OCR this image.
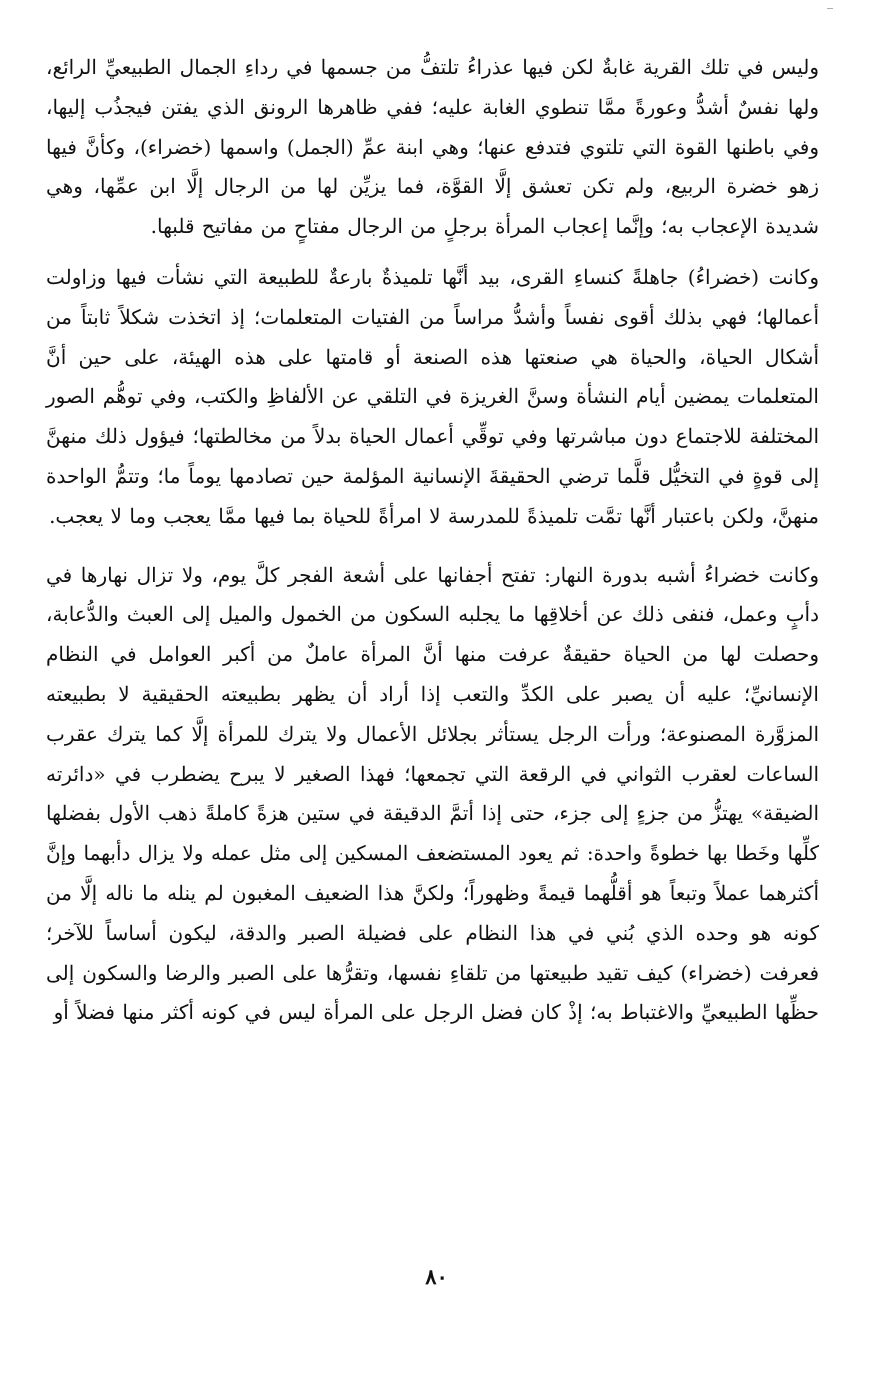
وليس في تلك القرية غابةٌ لكن فيها عذراءُ تلتفُّ من جسمها في رداءِ الجمال الطبيعيِّ الرائع، ولها نفسٌ أشدُّ وعورةً ممَّا تنطوي الغابة عليه؛ ففي ظاهرها الرونق الذي يفتن فيجذُب إليها، وفي باطنها القوة التي تلتوي فتدفع عنها؛ وهي ابنة عمِّ (الجمل) واسمها (خضراء)، وكأنَّ فيها زهو خضرة الربيع، ولم تكن تعشق إلَّا القوَّة، فما يزيِّن لها من الرجال إلَّا ابن عمِّها، وهي شديدة الإعجاب به؛ وإنَّما إعجاب المرأة برجلٍ من الرجال مفتاحٍ من مفاتيح قلبها.

وكانت (خضراءُ) جاهلةً كنساءِ القرى، بيد أنَّها تلميذةٌ بارعةٌ للطبيعة التي نشأت فيها وزاولت أعمالها؛ فهي بذلك أقوى نفساً وأشدُّ مراساً من الفتيات المتعلمات؛ إذ اتخذت شكلاً ثابتاً من أشكال الحياة، والحياة هي صنعتها هذه الصنعة أو قامتها على هذه الهيئة، على حين أنَّ المتعلمات يمضين أيام النشأة وسنَّ الغريزة في التلقي عن الألفاظِ والكتب، وفي توهُّم الصور المختلفة للاجتماع دون مباشرتها وفي توقِّي أعمال الحياة بدلاً من مخالطتها؛ فيؤول ذلك منهنَّ إلى قوةٍ في التخيُّل قلَّما ترضي الحقيقةَ الإنسانية المؤلمة حين تصادمها يوماً ما؛ وتتمُّ الواحدة منهنَّ، ولكن باعتبار أنَّها تمَّت تلميذةً للمدرسة لا امرأةً للحياة بما فيها ممَّا يعجب وما لا يعجب.

وكانت خضراءُ أشبه بدورة النهار: تفتح أجفانها على أشعة الفجر كلَّ يوم، ولا تزال نهارها في دأبٍ وعمل، فنفى ذلك عن أخلاقِها ما يجلبه السكون من الخمول والميل إلى العبث والدُّعابة، وحصلت لها من الحياة حقيقةٌ عرفت منها أنَّ المرأة عاملٌ من أكبر العوامل في النظام الإنسانيِّ؛ عليه أن يصبر على الكدِّ والتعب إذا أراد أن يظهر بطبيعته الحقيقية لا بطبيعته المزوَّرة المصنوعة؛ ورأت الرجل يستأثر بجلائل الأعمال ولا يترك للمرأة إلَّا كما يترك عقرب الساعات لعقرب الثواني في الرقعة التي تجمعها؛ فهذا الصغير لا يبرح يضطرب في «دائرته الضيقة» يهتزُّ من جزءٍ إلى جزء، حتى إذا أتمَّ الدقيقة في ستين هزةً كاملةً ذهب الأول بفضلها كلِّها وخَطا بها خطوةً واحدة: ثم يعود المستضعف المسكين إلى مثل عمله ولا يزال دأبهما وإنَّ أكثرهما عملاً وتبعاً هو أقلُّهما قيمةً وظهوراً؛ ولكنَّ هذا الضعيف المغبون لم ينله ما ناله إلَّا من كونه هو وحده الذي بُني في هذا النظام على فضيلة الصبر والدقة، ليكون أساساً للآخر؛ فعرفت (خضراء) كيف تقيد طبيعتها من تلقاءِ نفسها، وتقرُّها على الصبر والرضا والسكون إلى حظِّها الطبيعيِّ والاغتباط به؛ إذْ كان فضل الرجل على المرأة ليس في كونه أكثر منها فضلاً أو

٨٠
